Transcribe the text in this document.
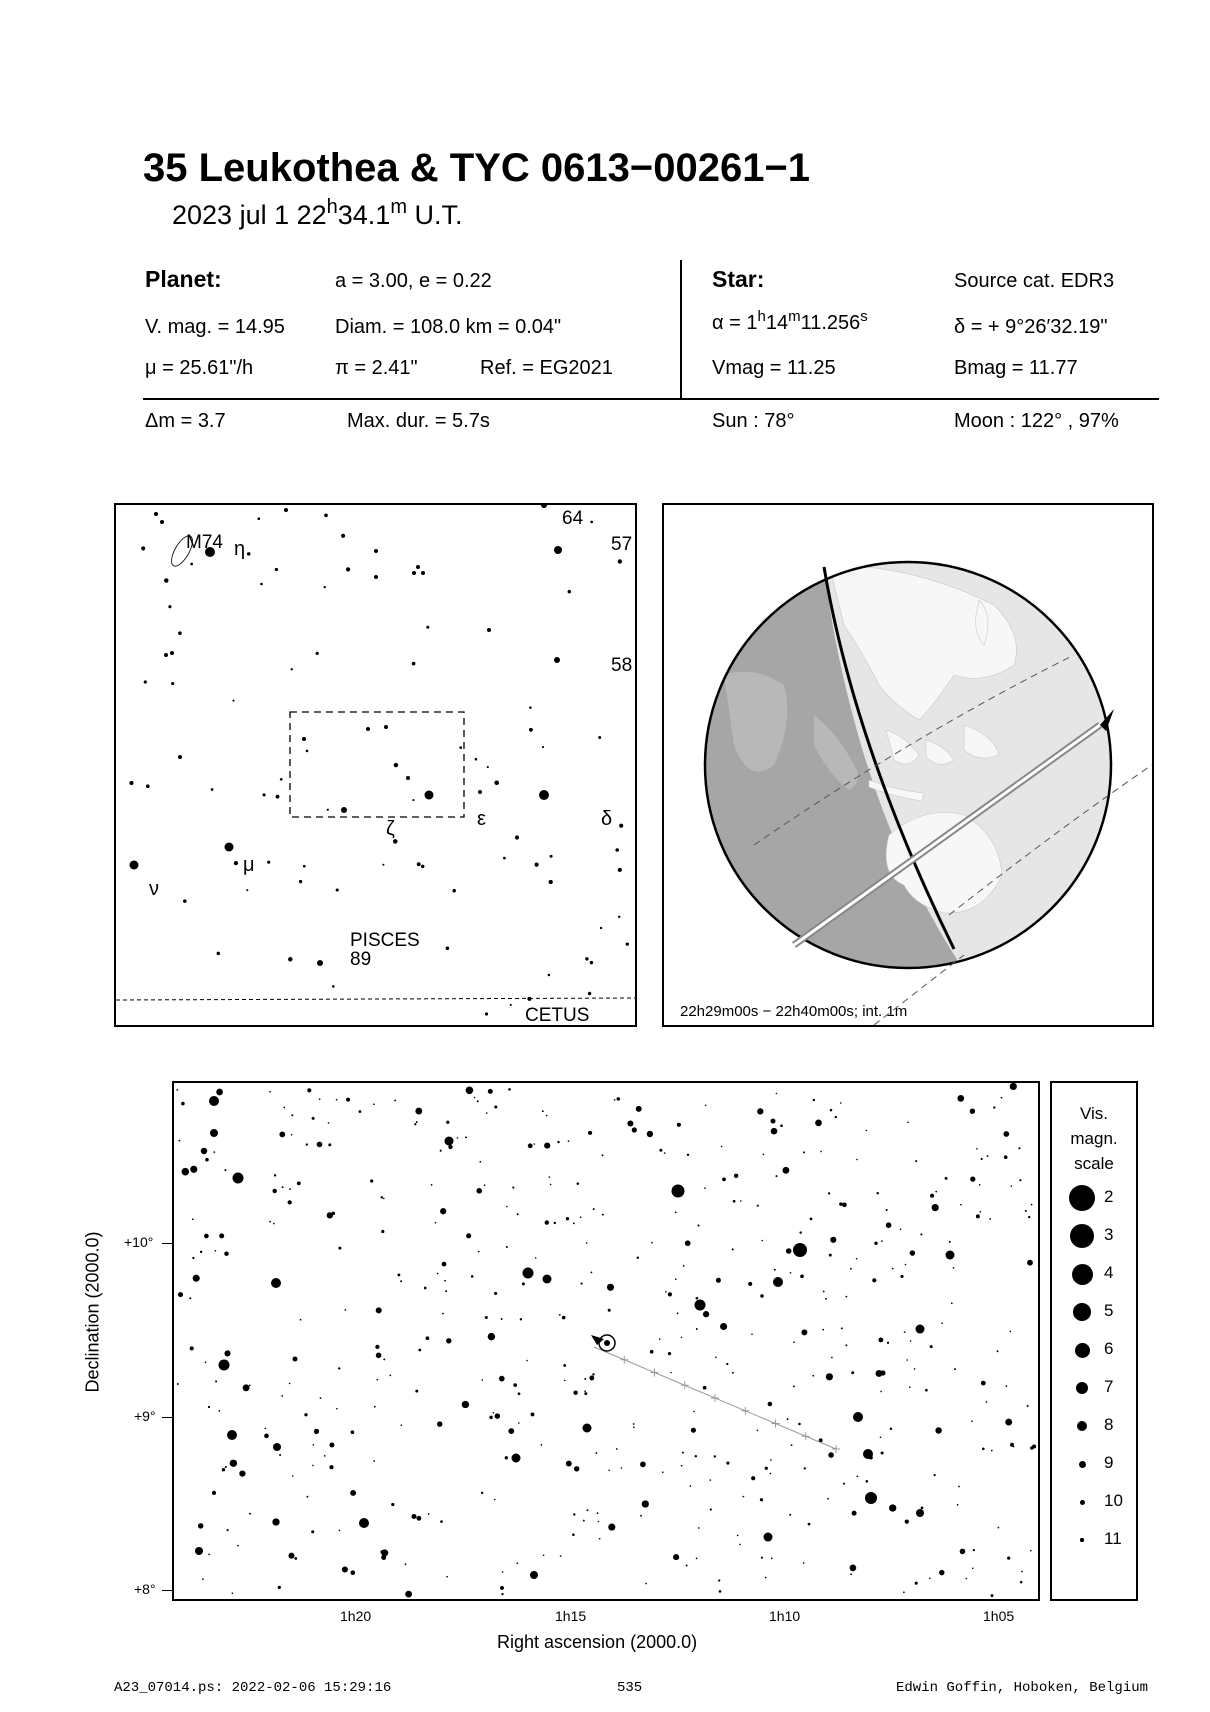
35 Leukothea & TYC 0613−00261−1
2023 jul 1 22$^h$34.1$^m$ U.T.
Planet:	a = 3.00, e = 0.22
V. mag. = 14.95	Diam. = 108.0 km = 0.04"
μ = 25.61"/h	π = 2.41"	Ref. = EG2021
Star:	Source cat. EDR3
$\alpha = 1^h14^m11.256^s$	δ = + 9°26′32.19"
Vmag = 11.25	Bmag = 11.77
Δm = 3.7	Max. dur. = 5.7s	Sun : 78°	Moon : 122° , 97%
M74 η
64
57
58
ε	δ
ζ
μ
ν
PISCES
89
CETUS	22h29m00s − 22h40m00s; int. 1m
Declination (2000.0) +10°
+9°
+8°
1h20	1h15	1h10	1h05
Right ascension (2000.0)
Vis.
magn.
scale
2
3
4
5
6
7
8
9
10
11
A23_07014.ps: 2022-02-06 15:29:16	535	Edwin Goffin, Hoboken, Belgium
